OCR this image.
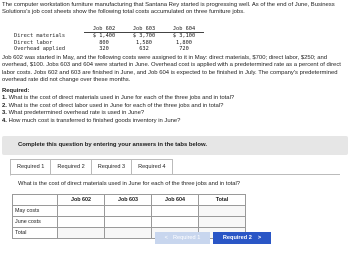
The computer workstation furniture manufacturing that Santana Rey started is progressing well. As of the end of June, Business Solutions's job cost sheets show the following total costs accumulated on three furniture jobs.

	Job 602	Job 603	Job 604
Direct materials	$ 1,400	$ 3,700	$ 3,100
Direct labor	800	1,580	1,800
Overhead applied	320	632	720

Job 602 was started in May, and the following costs were assigned to it in May: direct materials, $700; direct labor, $250; and overhead, $100. Jobs 603 and 604 were started in June. Overhead cost is applied with a predetermined rate as a percent of direct labor costs. Jobs 602 and 603 are finished in June, and Job 604 is expected to be finished in July. The company's predetermined overhead rate did not change over these months.

Required:
1. What is the cost of direct materials used in June for each of the three jobs and in total?
2. What is the cost of direct labor used in June for each of the three jobs and in total?
3. What predetermined overhead rate is used in June?
4. How much cost is transferred to finished goods inventory in June?
Complete this question by entering your answers in the tabs below.
Required 1	Required 2	Required 3	Required 4
What is the cost of direct materials used in June for each of the three jobs and in total?
	Job 602	Job 603	Job 604	Total
May costs				
June costs				
Total				
< Required 1	Required 2 >
